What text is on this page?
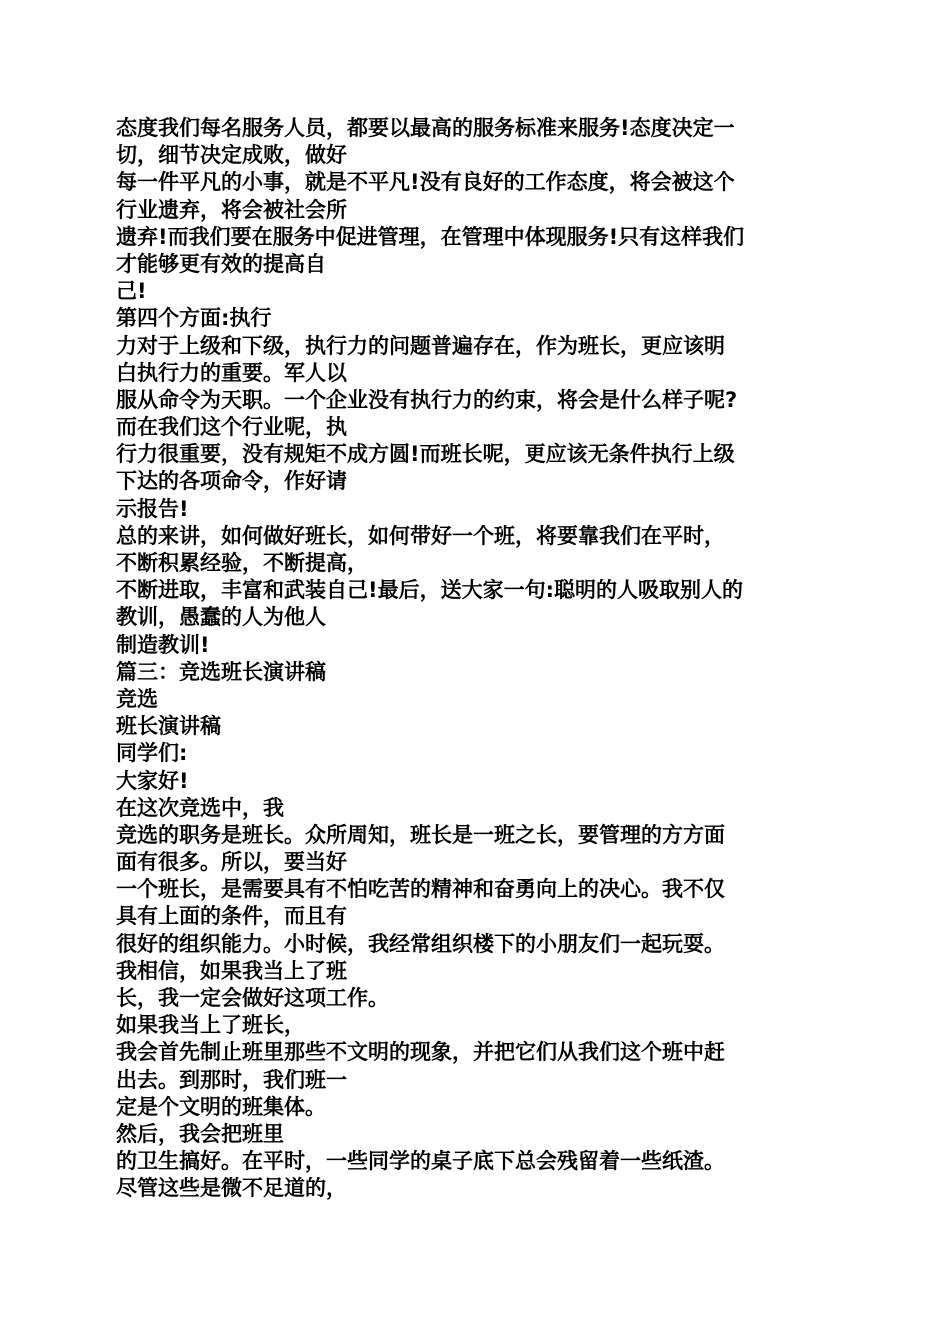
态度我们每名服务人员，都要以最高的服务标准来服务!态度决定一
切，细节决定成败，做好
每一件平凡的小事，就是不平凡!没有良好的工作态度，将会被这个
行业遗弃，将会被社会所
遗弃!而我们要在服务中促进管理，在管理中体现服务!只有这样我们
才能够更有效的提高自
己!
第四个方面:执行
力对于上级和下级，执行力的问题普遍存在，作为班长，更应该明
白执行力的重要。军人以
服从命令为天职。一个企业没有执行力的约束，将会是什么样子呢?
而在我们这个行业呢，执
行力很重要，没有规矩不成方圆!而班长呢，更应该无条件执行上级
下达的各项命令，作好请
示报告!
总的来讲，如何做好班长，如何带好一个班，将要靠我们在平时，
不断积累经验，不断提高，
不断进取，丰富和武装自己!最后，送大家一句:聪明的人吸取别人的
教训，愚蠢的人为他人
制造教训!
篇三：竞选班长演讲稿
竞选
班长演讲稿
同学们:
大家好!
在这次竞选中，我
竞选的职务是班长。众所周知，班长是一班之长，要管理的方方面
面有很多。所以，要当好
一个班长，是需要具有不怕吃苦的精神和奋勇向上的决心。我不仅
具有上面的条件，而且有
很好的组织能力。小时候，我经常组织楼下的小朋友们一起玩耍。
我相信，如果我当上了班
长，我一定会做好这项工作。
如果我当上了班长，
我会首先制止班里那些不文明的现象，并把它们从我们这个班中赶
出去。到那时，我们班一
定是个文明的班集体。
然后，我会把班里
的卫生搞好。在平时，一些同学的桌子底下总会残留着一些纸渣。
尽管这些是微不足道的，
